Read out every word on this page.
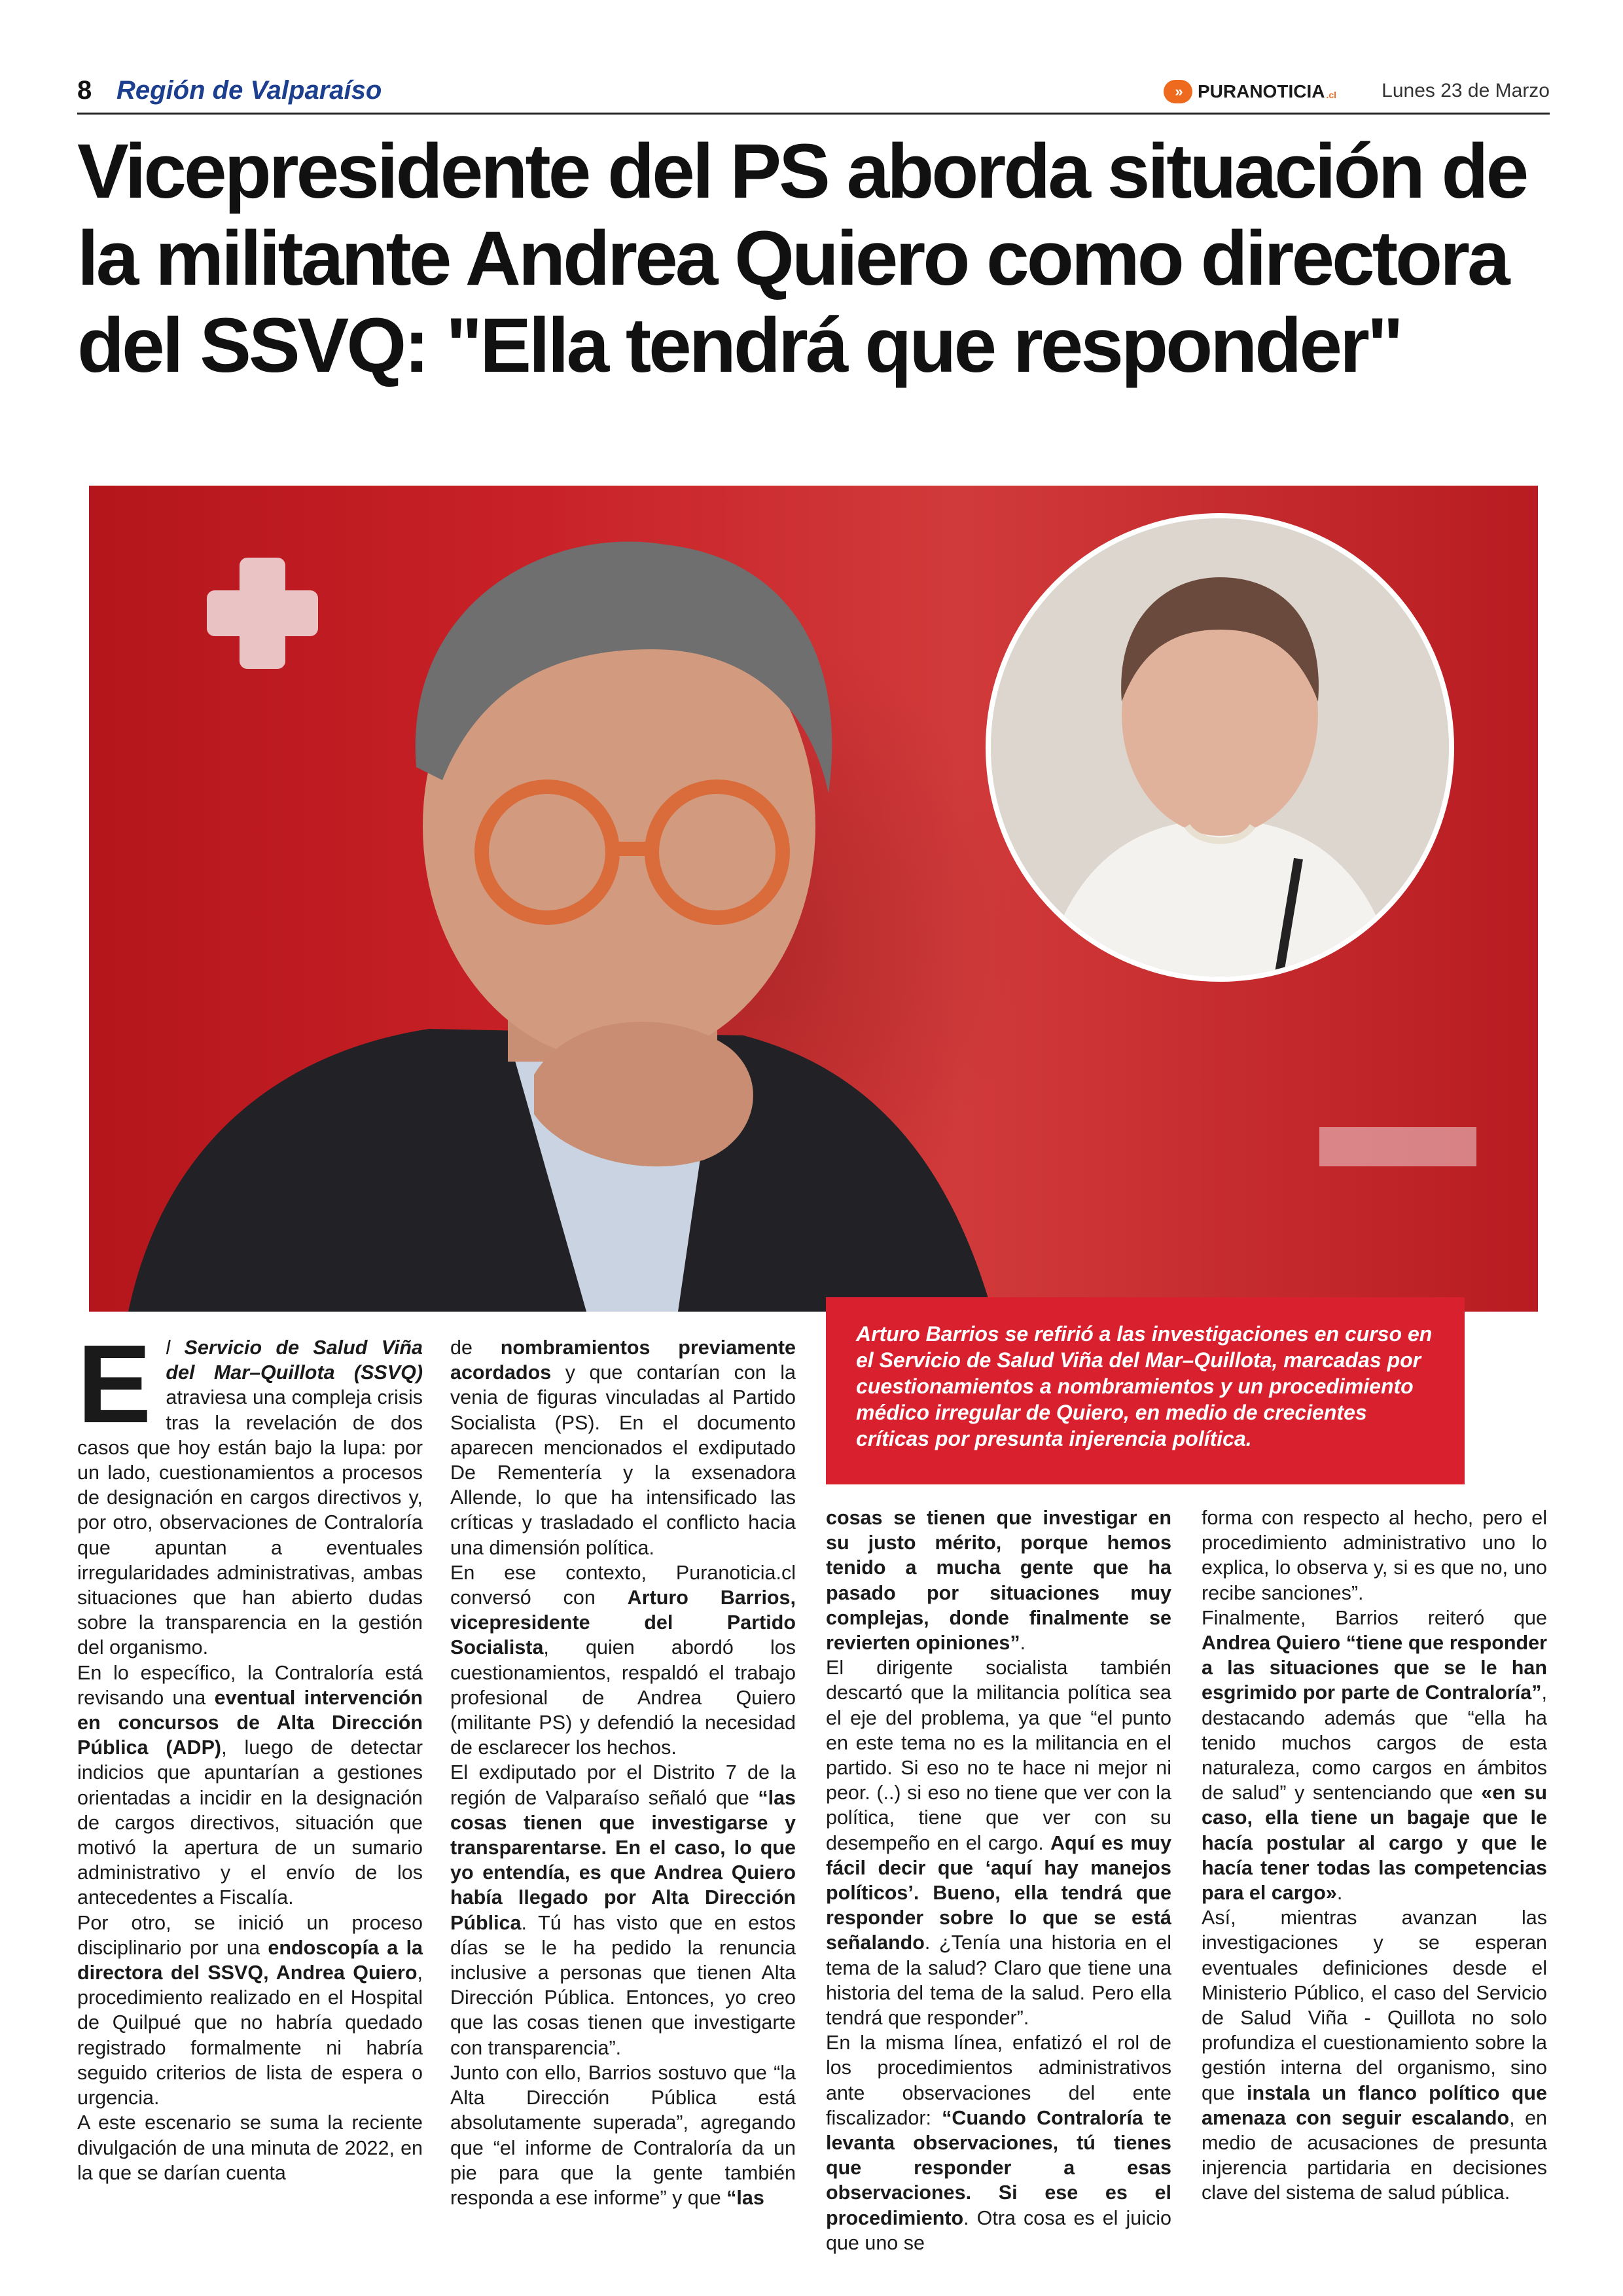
8 Región de Valparaíso	» PURANOTICIA .cl Lunes 23 de Marzo
Vicepresidente del PS aborda situación de la militante Andrea Quiero como directora del SSVQ: "Ella tendrá que responder"
Arturo Barrios se refirió a las investigaciones en curso en el Servicio de Salud Viña del Mar–Quillota, marcadas por cuestionamientos a nombramientos y un procedimiento médico irregular de Quiero, en medio de crecientes críticas por presunta injerencia política.
E l Servicio de Salud Viña del Mar–Quillota (SSVQ) atraviesa una compleja crisis tras la revelación de dos casos que hoy están bajo la lupa: por un lado, cuestionamientos a procesos de designación en cargos directivos y, por otro, observaciones de Contraloría que apuntan a eventuales irregularidades administrativas, ambas situaciones que han abierto dudas sobre la transparencia en la gestión del organismo.
En lo específico, la Contraloría está revisando una eventual intervención en concursos de Alta Dirección Pública (ADP), luego de detectar indicios que apuntarían a gestiones orientadas a incidir en la designación de cargos directivos, situación que motivó la apertura de un sumario administrativo y el envío de los antecedentes a Fiscalía.
Por otro, se inició un proceso disciplinario por una endoscopía a la directora del SSVQ, Andrea Quiero, procedimiento realizado en el Hospital de Quilpué que no habría quedado registrado formalmente ni habría seguido criterios de lista de espera o urgencia.
A este escenario se suma la reciente divulgación de una minuta de 2022, en la que se darían cuenta

de nombramientos previamente acordados y que contarían con la venia de figuras vinculadas al Partido Socialista (PS). En el documento aparecen mencionados el exdiputado De Rementería y la exsenadora Allende, lo que ha intensificado las críticas y trasladado el conflicto hacia una dimensión política.
En ese contexto, Puranoticia.cl conversó con Arturo Barrios, vicepresidente del Partido Socialista, quien abordó los cuestionamientos, respaldó el trabajo profesional de Andrea Quiero (militante PS) y defendió la necesidad de esclarecer los hechos.
El exdiputado por el Distrito 7 de la región de Valparaíso señaló que “las cosas tienen que investigarse y transparentarse. En el caso, lo que yo entendía, es que Andrea Quiero había llegado por Alta Dirección Pública. Tú has visto que en estos días se le ha pedido la renuncia inclusive a personas que tienen Alta Dirección Pública. Entonces, yo creo que las cosas tienen que investigarte con transparencia”.
Junto con ello, Barrios sostuvo que “la Alta Dirección Pública está absolutamente superada”, agregando que “el informe de Contraloría da un pie para que la gente también responda a ese informe” y que “las

cosas se tienen que investigar en su justo mérito, porque hemos tenido a mucha gente que ha pasado por situaciones muy complejas, donde finalmente se revierten opiniones”.
El dirigente socialista también descartó que la militancia política sea el eje del problema, ya que “el punto en este tema no es la militancia en el partido. Si eso no te hace ni mejor ni peor. (..) si eso no tiene que ver con la política, tiene que ver con su desempeño en el cargo. Aquí es muy fácil decir que ‘aquí hay manejos políticos’. Bueno, ella tendrá que responder sobre lo que se está señalando. ¿Tenía una historia en el tema de la salud? Claro que tiene una historia del tema de la salud. Pero ella tendrá que responder”.
En la misma línea, enfatizó el rol de los procedimientos administrativos ante observaciones del ente fiscalizador: “Cuando Contraloría te levanta observaciones, tú tienes que responder a esas observaciones. Si ese es el procedimiento. Otra cosa es el juicio que uno se

forma con respecto al hecho, pero el procedimiento administrativo uno lo explica, lo observa y, si es que no, uno recibe sanciones”.
Finalmente, Barrios reiteró que Andrea Quiero “tiene que responder a las situaciones que se le han esgrimido por parte de Contraloría”, destacando además que “ella ha tenido muchos cargos de esta naturaleza, como cargos en ámbitos de salud” y sentenciando que «en su caso, ella tiene un bagaje que le hacía postular al cargo y que le hacía tener todas las competencias para el cargo».
Así, mientras avanzan las investigaciones y se esperan eventuales definiciones desde el Ministerio Público, el caso del Servicio de Salud Viña - Quillota no solo profundiza el cuestionamiento sobre la gestión interna del organismo, sino que instala un flanco político que amenaza con seguir escalando, en medio de acusaciones de presunta injerencia partidaria en decisiones clave del sistema de salud pública.
